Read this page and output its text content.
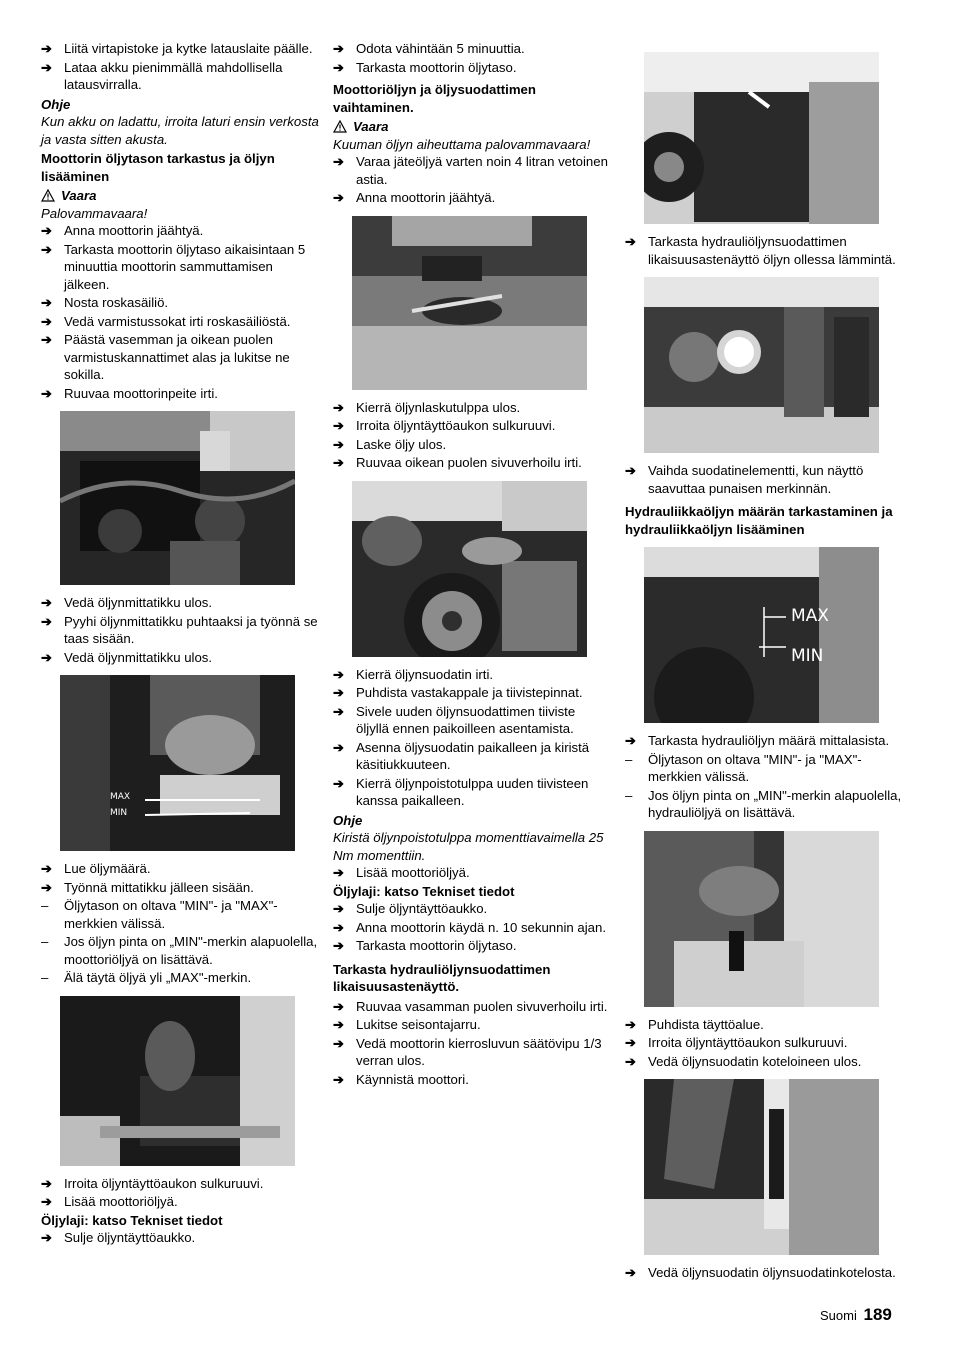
➔ Liitä virtapistoke ja kytke latauslaite päälle.
➔ Lataa akku pienimmällä mahdollisella latausvirralla.
Ohje
Kun akku on ladattu, irroita laturi ensin verkosta ja vasta sitten akusta.
Moottorin öljytason tarkastus ja öljyn lisääminen
Vaara
Palovammavaara!
➔ Anna moottorin jäähtyä.
➔ Tarkasta moottorin öljytaso aikaisintaan 5 minuuttia moottorin sammuttamisen jälkeen.
➔ Nosta roskasäiliö.
➔ Vedä varmistussokat irti roskasäiliöstä.
➔ Päästä vasemman ja oikean puolen varmistuskannattimet alas ja lukitse ne sokilla.
➔ Ruuvaa moottorinpeite irti.
➔ Vedä öljynmittatikku ulos.
➔ Pyyhi öljynmittatikku puhtaaksi ja työnnä se taas sisään.
➔ Vedä öljynmittatikku ulos.
MAX
MIN
➔ Lue öljymäärä.
➔ Työnnä mittatikku jälleen sisään.
– Öljytason on oltava "MIN"- ja "MAX"-merkkien välissä.
– Jos öljyn pinta on „MIN"-merkin alapuolella, moottoriöljyä on lisättävä.
– Älä täytä öljyä yli „MAX"-merkin.
➔ Irroita öljyntäyttöaukon sulkuruuvi.
➔ Lisää moottoriöljyä.
Öljylaji: katso Tekniset tiedot
➔ Sulje öljyntäyttöaukko.
➔ Odota vähintään 5 minuuttia.
➔ Tarkasta moottorin öljytaso.
Moottoriöljyn ja öljysuodattimen vaihtaminen.
Vaara
Kuuman öljyn aiheuttama palovammavaara!
➔ Varaa jäteöljyä varten noin 4 litran vetoinen astia.
➔ Anna moottorin jäähtyä.
➔ Kierrä öljynlaskutulppa ulos.
➔ Irroita öljyntäyttöaukon sulkuruuvi.
➔ Laske öljy ulos.
➔ Ruuvaa oikean puolen sivuverhoilu irti.
➔ Kierrä öljynsuodatin irti.
➔ Puhdista vastakappale ja tiivistepinnat.
➔ Sivele uuden öljynsuodattimen tiiviste öljyllä ennen paikoilleen asentamista.
➔ Asenna öljysuodatin paikalleen ja kiristä käsitiukkuuteen.
➔ Kierrä öljynpoistotulppa uuden tiivisteen kanssa paikalleen.
Ohje
Kiristä öljynpoistotulppa momenttiavaimella 25 Nm momenttiin.
➔ Lisää moottoriöljyä.
Öljylaji: katso Tekniset tiedot
➔ Sulje öljyntäyttöaukko.
➔ Anna moottorin käydä n. 10 sekunnin ajan.
➔ Tarkasta moottorin öljytaso.
Tarkasta hydrauliöljynsuodattimen likaisuusastenäyttö.
➔ Ruuvaa vasamman puolen sivuverhoilu irti.
➔ Lukitse seisontajarru.
➔ Vedä moottorin kierrosluvun säätövipu 1/3 verran ulos.
➔ Käynnistä moottori.
➔ Tarkasta hydrauliöljynsuodattimen likaisuusastenäyttö öljyn ollessa lämmintä.
➔ Vaihda suodatinelementti, kun näyttö saavuttaa punaisen merkinnän.
Hydrauliikkaöljyn määrän tarkastaminen ja hydrauliikkaöljyn lisääminen
MAX
MIN
➔ Tarkasta hydrauliöljyn määrä mittalasista.
– Öljytason on oltava "MIN"- ja "MAX"-merkkien välissä.
– Jos öljyn pinta on „MIN"-merkin alapuolella, hydrauliöljyä on lisättävä.
➔ Puhdista täyttöalue.
➔ Irroita öljyntäyttöaukon sulkuruuvi.
➔ Vedä öljynsuodatin koteloineen ulos.
➔ Vedä öljynsuodatin öljynsuodatinkotelosta.
Suomi 189
